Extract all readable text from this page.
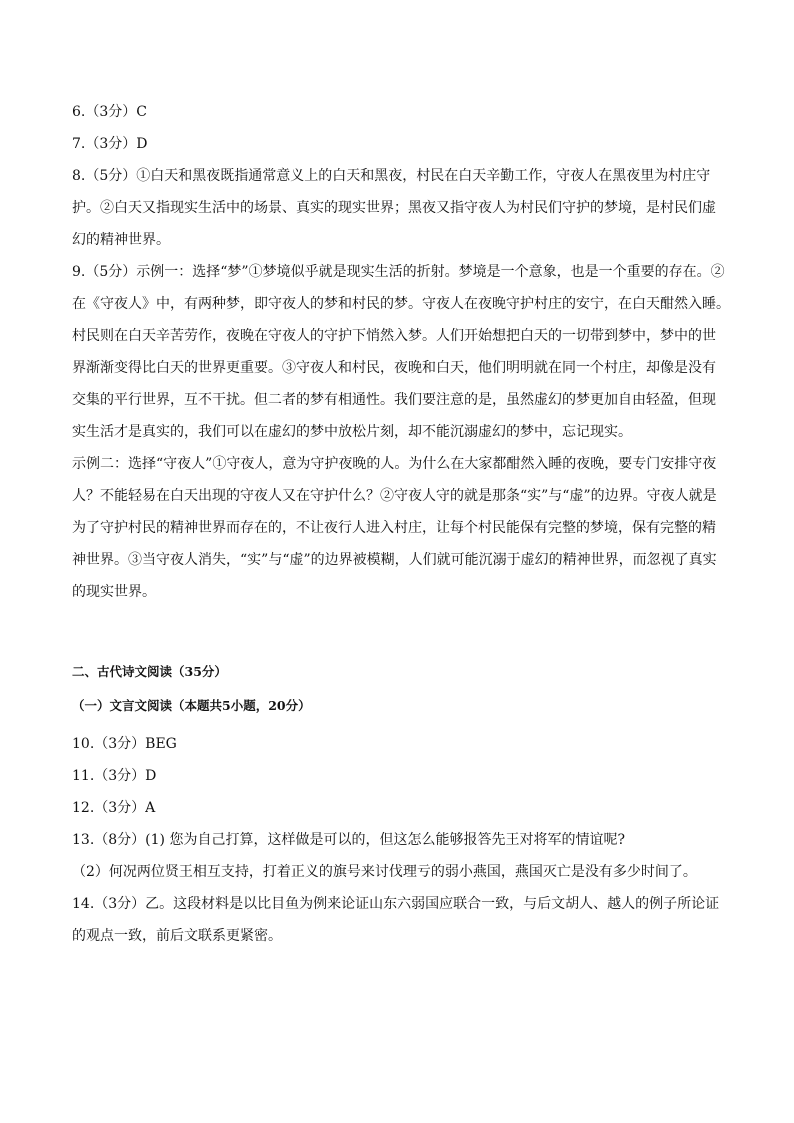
6.（3分）C
7.（3分）D
8.（5分）①白天和黑夜既指通常意义上的白天和黑夜，村民在白天辛勤工作，守夜人在黑夜里为村庄守
护。②白天又指现实生活中的场景、真实的现实世界；黑夜又指守夜人为村民们守护的梦境，是村民们虚
幻的精神世界。
9.（5分）示例一：选择“梦”①梦境似乎就是现实生活的折射。梦境是一个意象，也是一个重要的存在。②
在《守夜人》中，有两种梦，即守夜人的梦和村民的梦。守夜人在夜晚守护村庄的安宁，在白天酣然入睡。
村民则在白天辛苦劳作，夜晚在守夜人的守护下悄然入梦。人们开始想把白天的一切带到梦中，梦中的世
界渐渐变得比白天的世界更重要。③守夜人和村民，夜晚和白天，他们明明就在同一个村庄，却像是没有
交集的平行世界，互不干扰。但二者的梦有相通性。我们要注意的是，虽然虚幻的梦更加自由轻盈，但现
实生活才是真实的，我们可以在虚幻的梦中放松片刻，却不能沉溺虚幻的梦中，忘记现实。
示例二：选择“守夜人”①守夜人，意为守护夜晚的人。为什么在大家都酣然入睡的夜晚，要专门安排守夜
人？不能轻易在白天出现的守夜人又在守护什么？②守夜人守的就是那条“实”与“虚”的边界。守夜人就是
为了守护村民的精神世界而存在的，不让夜行人进入村庄，让每个村民能保有完整的梦境，保有完整的精
神世界。③当守夜人消失，“实”与“虚”的边界被模糊，人们就可能沉溺于虚幻的精神世界，而忽视了真实
的现实世界。
二、古代诗文阅读（35分）
（一）文言文阅读（本题共5小题，20分）
10.（3分）BEG
11.（3分）D
12.（3分）A
13.（8分）(1) 您为自己打算，这样做是可以的，但这怎么能够报答先王对将军的情谊呢?
（2）何况两位贤王相互支持，打着正义的旗号来讨伐理亏的弱小燕国，燕国灭亡是没有多少时间了。
14.（3分）乙。这段材料是以比目鱼为例来论证山东六弱国应联合一致，与后文胡人、越人的例子所论证
的观点一致，前后文联系更紧密。
